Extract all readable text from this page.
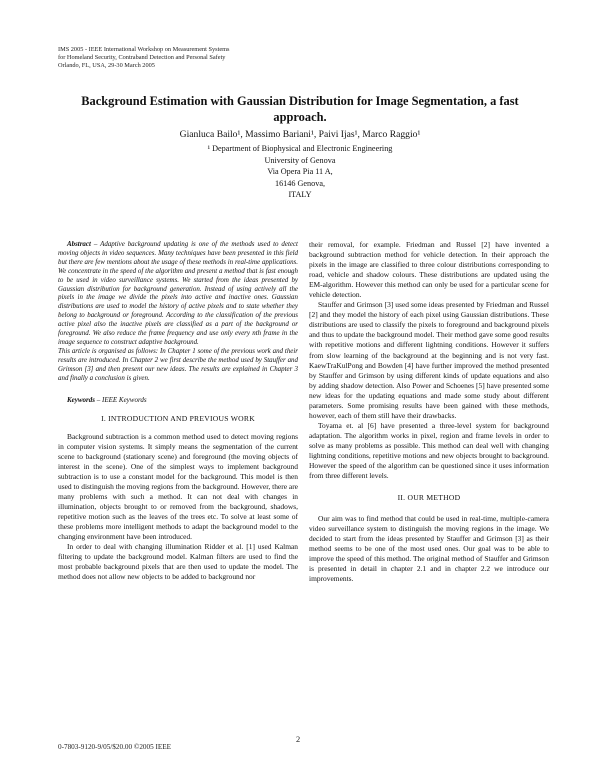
IMS 2005 - IEEE International Workshop on Measurement Systems
for Homeland Security, Contraband Detection and Personal Safety
Orlando, FL, USA, 29-30 March 2005
Background Estimation with Gaussian Distribution for Image Segmentation, a fast approach.
Gianluca Bailo¹, Massimo Bariani¹, Paivi Ijas¹, Marco Raggio¹
¹ Department of Biophysical and Electronic Engineering
University of Genova
Via Opera Pia 11 A,
16146 Genova,
ITALY

Abstract – Adaptive background updating is one of the methods used to detect moving objects in video sequences. Many techniques have been presented in this field but there are few mentions about the usage of these methods in real-time applications. We concentrate in the speed of the algorithm and present a method that is fast enough to be used in video surveillance systems. We started from the ideas presented by Gaussian distribution for background generation. Instead of using actively all the pixels in the image we divide the pixels into active and inactive ones. Gaussian distributions are used to model the history of active pixels and to state whether they belong to background or foreground. According to the classification of the previous active pixel also the inactive pixels are classified as a part of the background or foreground. We also reduce the frame frequency and use only every nth frame in the image sequence to construct adaptive background.

This article is organised as follows: In Chapter 1 some of the previous work and their results are introduced. In Chapter 2 we first describe the method used by Stauffer and Grimson [3] and then present our new ideas. The results are explained in Chapter 3 and finally a conclusion is given.

Keywords – IEEE Keywords

I. INTRODUCTION AND PREVIOUS WORK

Background subtraction is a common method used to detect moving regions in computer vision systems. It simply means the segmentation of the current scene to background (stationary scene) and foreground (the moving objects of interest in the scene). One of the simplest ways to implement background subtraction is to use a constant model for the background. This model is then used to distinguish the moving regions from the background. However, there are many problems with such a method. It can not deal with changes in illumination, objects brought to or removed from the background, shadows, repetitive motion such as the leaves of the trees etc. To solve at least some of these problems more intelligent methods to adapt the background model to the changing environment have been introduced.

In order to deal with changing illumination Ridder et al. [1] used Kalman filtering to update the background model. Kalman filters are used to find the most probable background pixels that are then used to update the model. The method does not allow new objects to be added to background nor

their removal, for example. Friedman and Russel [2] have invented a background subtraction method for vehicle detection. In their approach the pixels in the image are classified to three colour distributions corresponding to road, vehicle and shadow colours. These distributions are updated using the EM-algorithm. However this method can only be used for a particular scene for vehicle detection.

Stauffer and Grimson [3] used some ideas presented by Friedman and Russel [2] and they model the history of each pixel using Gaussian distributions. These distributions are used to classify the pixels to foreground and background pixels and thus to update the background model. Their method gave some good results with repetitive motions and different lightning conditions. However it suffers from slow learning of the background at the beginning and is not very fast. KaewTraKulPong and Bowden [4] have further improved the method presented by Stauffer and Grimson by using different kinds of update equations and also by adding shadow detection. Also Power and Schoenes [5] have presented some new ideas for the updating equations and made some study about different parameters. Some promising results have been gained with these methods, however, each of them still have their drawbacks.

Toyama et. al [6] have presented a three-level system for background adaptation. The algorithm works in pixel, region and frame levels in order to solve as many problems as possible. This method can deal well with changing lightning conditions, repetitive motions and new objects brought to background. However the speed of the algorithm can be questioned since it uses information from three different levels.

II. OUR METHOD

Our aim was to find method that could be used in real-time, multiple-camera video surveillance system to distinguish the moving regions in the image. We decided to start from the ideas presented by Stauffer and Grimson [3] as their method seems to be one of the most used ones. Our goal was to be able to improve the speed of this method. The original method of Stauffer and Grimson is presented in detail in chapter 2.1 and in chapter 2.2 we introduce our improvements.

0-7803-9120-9/05/$20.00 ©2005 IEEE
2
